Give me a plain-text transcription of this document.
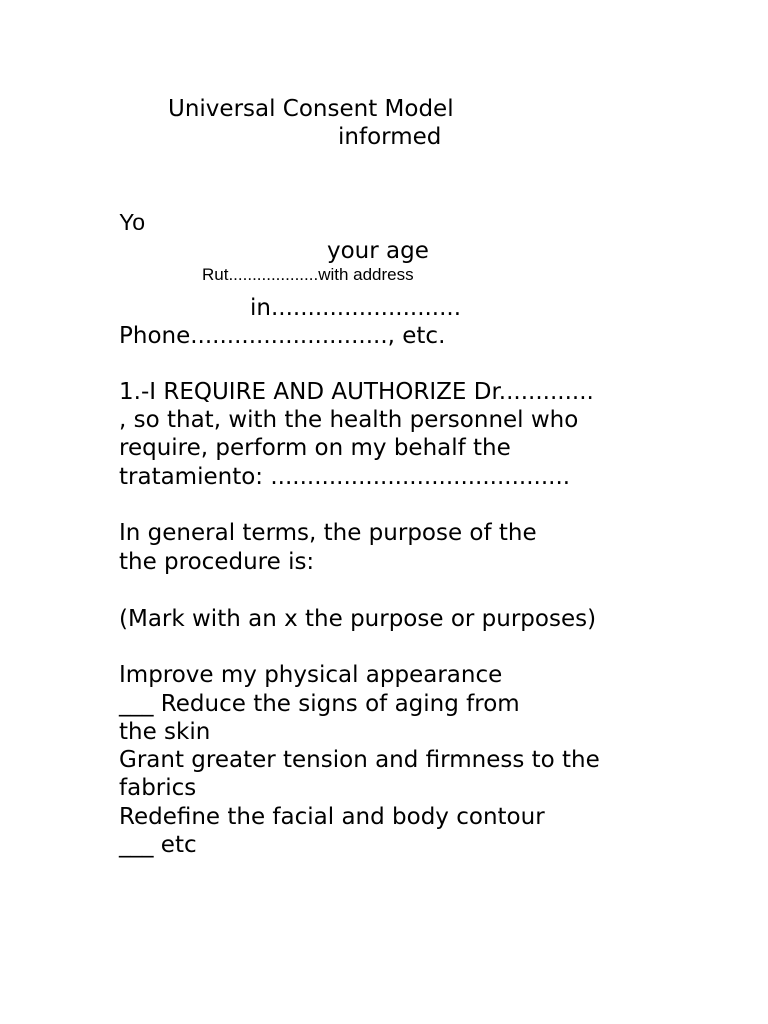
Universal Consent Model
informed
Yo
your age
Rut...................with address
in..........................
Phone..........................., etc.
1.-I REQUIRE AND AUTHORIZE Dr.............
, so that, with the health personnel who
require, perform on my behalf the
tratamiento: .........................................
In general terms, the purpose of the
the procedure is:
(Mark with an x the purpose or purposes)
Improve my physical appearance
___ Reduce the signs of aging from
the skin
Grant greater tension and firmness to the
fabrics
Redefine the facial and body contour
___ etc
